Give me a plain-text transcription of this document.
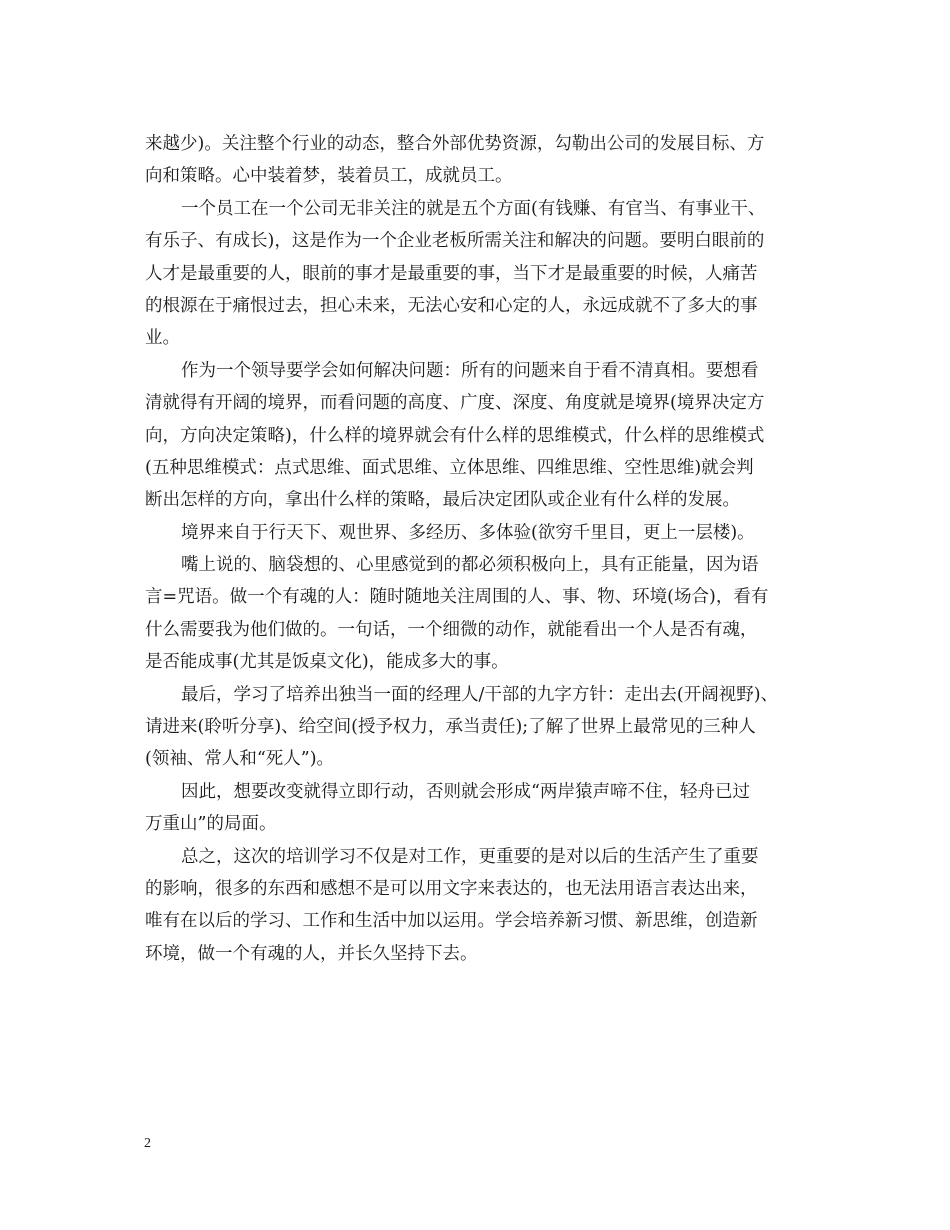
来越少)。关注整个行业的动态，整合外部优势资源，勾勒出公司的发展目标、方
向和策略。心中装着梦，装着员工，成就员工。
一个员工在一个公司无非关注的就是五个方面(有钱赚、有官当、有事业干、
有乐子、有成长)，这是作为一个企业老板所需关注和解决的问题。要明白眼前的
人才是最重要的人，眼前的事才是最重要的事，当下才是最重要的时候，人痛苦
的根源在于痛恨过去，担心未来，无法心安和心定的人，永远成就不了多大的事
业。
作为一个领导要学会如何解决问题：所有的问题来自于看不清真相。要想看
清就得有开阔的境界，而看问题的高度、广度、深度、角度就是境界(境界决定方
向，方向决定策略)，什么样的境界就会有什么样的思维模式，什么样的思维模式
(五种思维模式：点式思维、面式思维、立体思维、四维思维、空性思维)就会判
断出怎样的方向，拿出什么样的策略，最后决定团队或企业有什么样的发展。
境界来自于行天下、观世界、多经历、多体验(欲穷千里目，更上一层楼)。
嘴上说的、脑袋想的、心里感觉到的都必须积极向上，具有正能量，因为语
言=咒语。做一个有魂的人：随时随地关注周围的人、事、物、环境(场合)，看有
什么需要我为他们做的。一句话，一个细微的动作，就能看出一个人是否有魂，
是否能成事(尤其是饭桌文化)，能成多大的事。
最后，学习了培养出独当一面的经理人/干部的九字方针：走出去(开阔视野)、
请进来(聆听分享)、给空间(授予权力，承当责任);了解了世界上最常见的三种人
(领袖、常人和“死人”)。
因此，想要改变就得立即行动，否则就会形成“两岸猿声啼不住，轻舟已过
万重山”的局面。
总之，这次的培训学习不仅是对工作，更重要的是对以后的生活产生了重要
的影响，很多的东西和感想不是可以用文字来表达的，也无法用语言表达出来，
唯有在以后的学习、工作和生活中加以运用。学会培养新习惯、新思维，创造新
环境，做一个有魂的人，并长久坚持下去。
2
